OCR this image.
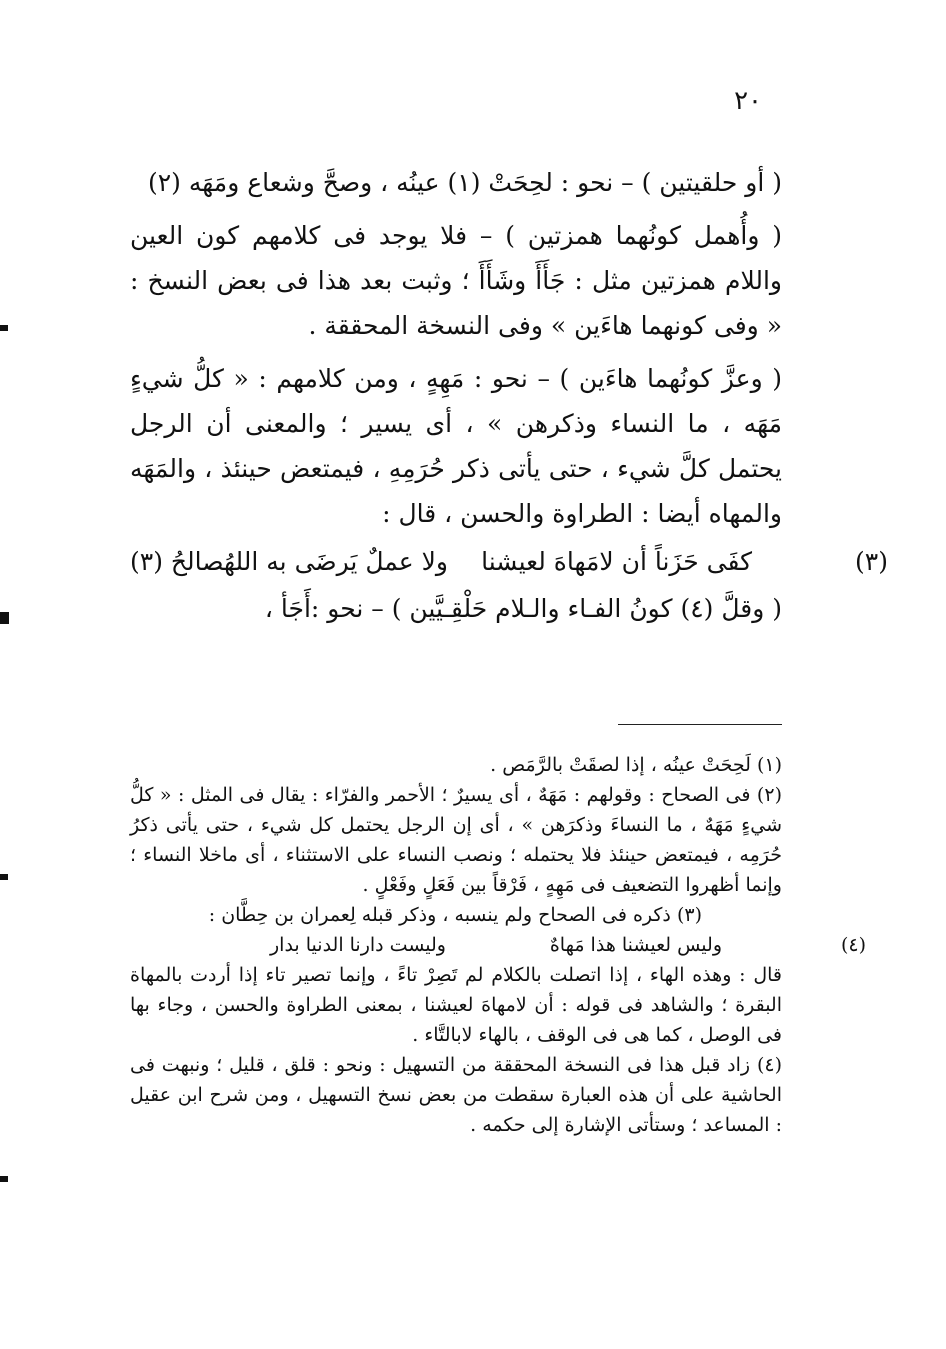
٢٠

( أو حلقيتين ) – نحو : لحِحَتْ (١) عينُه ، وصحَّ وشعاع ومَهَه (٢)

( وأُهمل كونُهما همزتين ) – فلا يوجد فى كلامهم كون العين واللام همزتين مثل : جَأَأَ وشَأَأَ ؛ وثبت بعد هذا فى بعض النسخ : « وفى كونهما هاءَين » وفى النسخة المحققة .

( وعزَّ كونُهما هاءَين ) – نحو : مَهِهٍ ، ومن كلامهم : « كلُّ شيءٍ مَهَه ، ما النساء وذكرهن » ، أى يسير ؛ والمعنى أن الرجل يحتمل كلَّ شيء ، حتى يأتى ذكر حُرَمِهِ ، فيمتعض حينئذ ، والمَهَه والمهاه أيضا : الطراوة والحسن ، قال :

(٣)
كفَى حَزَناً أن لامَهاهَ لعيشنا
ولا عملٌ يَرضَى به اللهُصالحُ (٣)

( وقلَّ (٤) كونُ الفـاء والـلام حَلْقِـيَّين ) – نحو :أَجَأ ،

(١) لَحِحَتْ عينُه ، إذا لصقَتْ بالرَّمَص .

(٢) فى الصحاح : وقولهم : مَهَهٌ ، أى يسيرٌ ؛ الأحمر والفرّاء : يقال فى المثل : « كلُّ شيءٍ مَهَهٌ ، ما النساءَ وذكرَهن » ، أى إن الرجل يحتمل كل شيء ، حتى يأتى ذكرُ حُرَمِه ، فيمتعض حينئذ فلا يحتمله ؛ ونصب النساء على الاستثناء ، أى ماخلا النساء ؛ وإنما أظهروا التضعيف فى مَهِهٍ ، فَرْقاً بين فَعَلٍ وفَعْلٍ .

(٣) ذكره فى الصحاح ولم ينسبه ، وذكر قبله لِعمران بن حِطَّان :

(٤)
وليس لعيشنا هذا مَهاهٌ
وليست دارنا الدنيا بدار

قال : وهذه الهاء ، إذا اتصلت بالكلام لم تَصِرْ تاءً ، وإنما تصير تاء إذا أردت بالمهاة البقرة ؛ والشاهد فى قوله : أن لامهاهَ لعيشنا ، بمعنى الطراوة والحسن ، وجاء بها فى الوصل ، كما هى فى الوقف ، بالهاء لابالتَّاء .

(٤) زاد قبل هذا فى النسخة المحققة من التسهيل : ونحو : قلق ، قليل ؛ ونبهت فى الحاشية على أن هذه العبارة سقطت من بعض نسخ التسهيل ، ومن شرح ابن عقيل : المساعد ؛ وستأتى الإشارة إلى حكمه .
